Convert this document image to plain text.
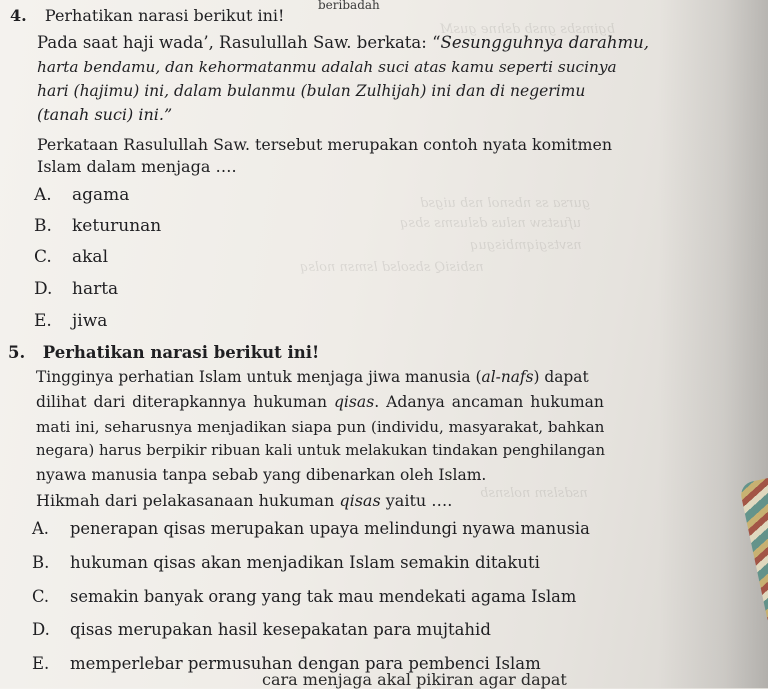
bgimsbs gnsb dshne gusM
gursa ss nbsnol nsb uigsd
ufustsw nslus dslusms sbsq
nsvtsgiqmbisguq
nsbisiQ sbsolsd lsmsn nolsq
nsdslsm nolsnsb
beribadah
4. Perhatikan narasi berikut ini!
Pada saat haji wada’, Rasulullah Saw. berkata: “Sesungguhnya darahmu,
harta bendamu, dan kehormatanmu adalah suci atas kamu seperti sucinya
hari (hajimu) ini, dalam bulanmu (bulan Zulhijah) ini dan di negerimu
(tanah suci) ini.”
Perkataan Rasulullah Saw. tersebut merupakan contoh nyata komitmen
Islam dalam menjaga ….
A. agama
B. keturunan
C. akal
D. harta
E. jiwa
5. Perhatikan narasi berikut ini!
Tingginya perhatian Islam untuk menjaga jiwa manusia (al-nafs) dapat
dilihat dari diterapkannya hukuman qisas. Adanya ancaman hukuman
mati ini, seharusnya menjadikan siapa pun (individu, masyarakat, bahkan
negara) harus berpikir ribuan kali untuk melakukan tindakan penghilangan
nyawa manusia tanpa sebab yang dibenarkan oleh Islam.
Hikmah dari pelakasanaan hukuman qisas yaitu ….
A. penerapan qisas merupakan upaya melindungi nyawa manusia
B. hukuman qisas akan menjadikan Islam semakin ditakuti
C. semakin banyak orang yang tak mau mendekati agama Islam
D. qisas merupakan hasil kesepakatan para mujtahid
E. memperlebar permusuhan dengan para pembenci Islam
cara menjaga akal pikiran agar dapat
